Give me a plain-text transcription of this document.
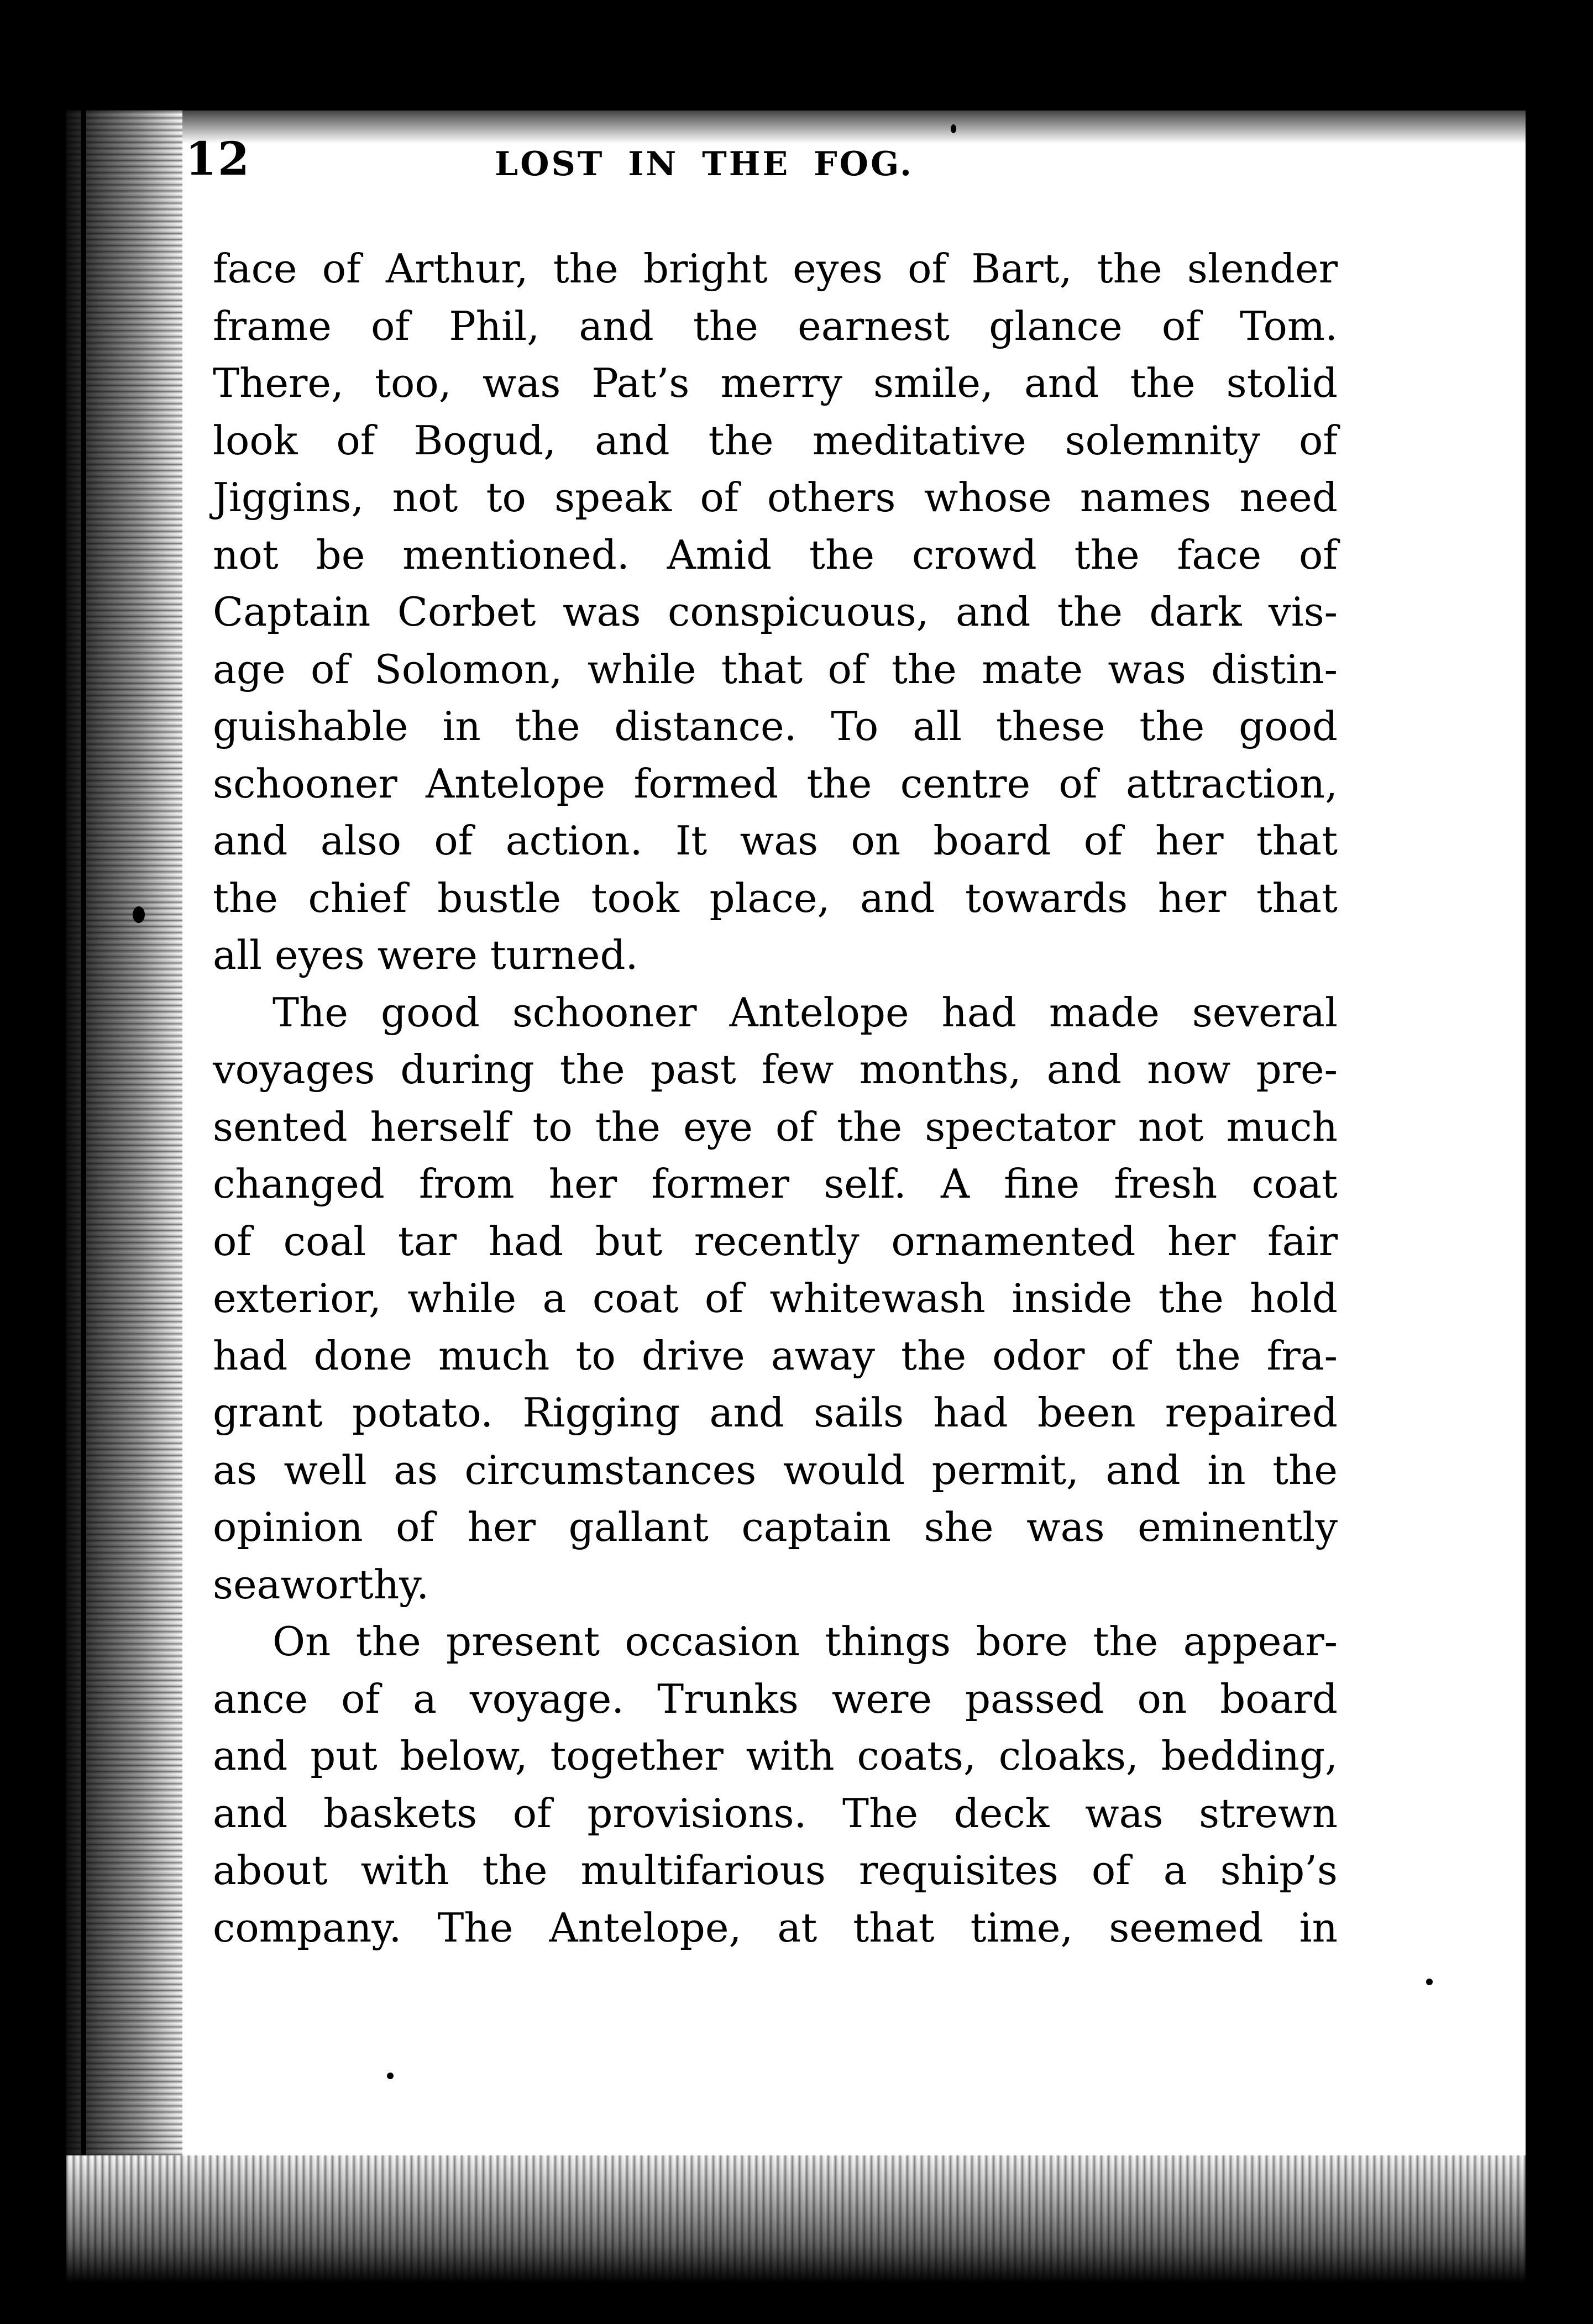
12	LOST IN THE FOG.
face of Arthur, the bright eyes of Bart, the slender
frame of Phil, and the earnest glance of Tom.
There, too, was Pat’s merry smile, and the stolid
look of Bogud, and the meditative solemnity of
Jiggins, not to speak of others whose names need
not be mentioned. Amid the crowd the face of
Captain Corbet was conspicuous, and the dark vis-
age of Solomon, while that of the mate was distin-
guishable in the distance. To all these the good
schooner Antelope formed the centre of attraction,
and also of action. It was on board of her that
the chief bustle took place, and towards her that
all eyes were turned.
The good schooner Antelope had made several
voyages during the past few months, and now pre-
sented herself to the eye of the spectator not much
changed from her former self. A fine fresh coat
of coal tar had but recently ornamented her fair
exterior, while a coat of whitewash inside the hold
had done much to drive away the odor of the fra-
grant potato. Rigging and sails had been repaired
as well as circumstances would permit, and in the
opinion of her gallant captain she was eminently
seaworthy.
On the present occasion things bore the appear-
ance of a voyage. Trunks were passed on board
and put below, together with coats, cloaks, bedding,
and baskets of provisions. The deck was strewn
about with the multifarious requisites of a ship’s
company. The Antelope, at that time, seemed in
